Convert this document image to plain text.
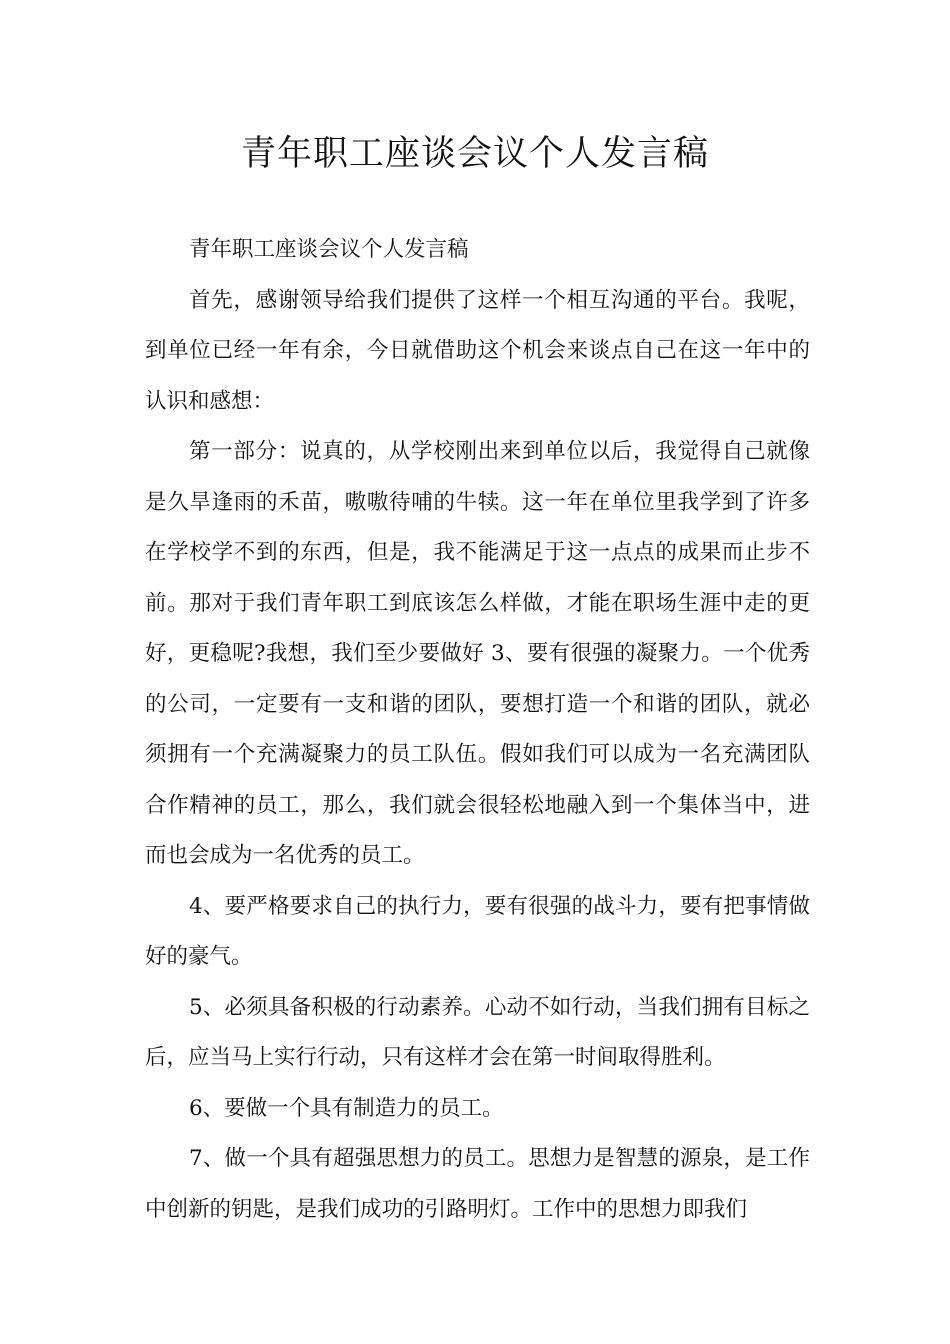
青年职工座谈会议个人发言稿

青年职工座谈会议个人发言稿

首先，感谢领导给我们提供了这样一个相互沟通的平台。我呢，到单位已经一年有余，今日就借助这个机会来谈点自己在这一年中的认识和感想：

第一部分：说真的，从学校刚出来到单位以后，我觉得自己就像是久旱逢雨的禾苗，嗷嗷待哺的牛犊。这一年在单位里我学到了许多在学校学不到的东西，但是，我不能满足于这一点点的成果而止步不前。那对于我们青年职工到底该怎么样做，才能在职场生涯中走的更好，更稳呢?我想，我们至少要做好 3、要有很强的凝聚力。一个优秀的公司，一定要有一支和谐的团队，要想打造一个和谐的团队，就必须拥有一个充满凝聚力的员工队伍。假如我们可以成为一名充满团队合作精神的员工，那么，我们就会很轻松地融入到一个集体当中，进而也会成为一名优秀的员工。

4、要严格要求自己的执行力，要有很强的战斗力，要有把事情做好的豪气。

5、必须具备积极的行动素养。心动不如行动，当我们拥有目标之后，应当马上实行行动，只有这样才会在第一时间取得胜利。

6、要做一个具有制造力的员工。

7、做一个具有超强思想力的员工。思想力是智慧的源泉，是工作中创新的钥匙，是我们成功的引路明灯。工作中的思想力即我们
